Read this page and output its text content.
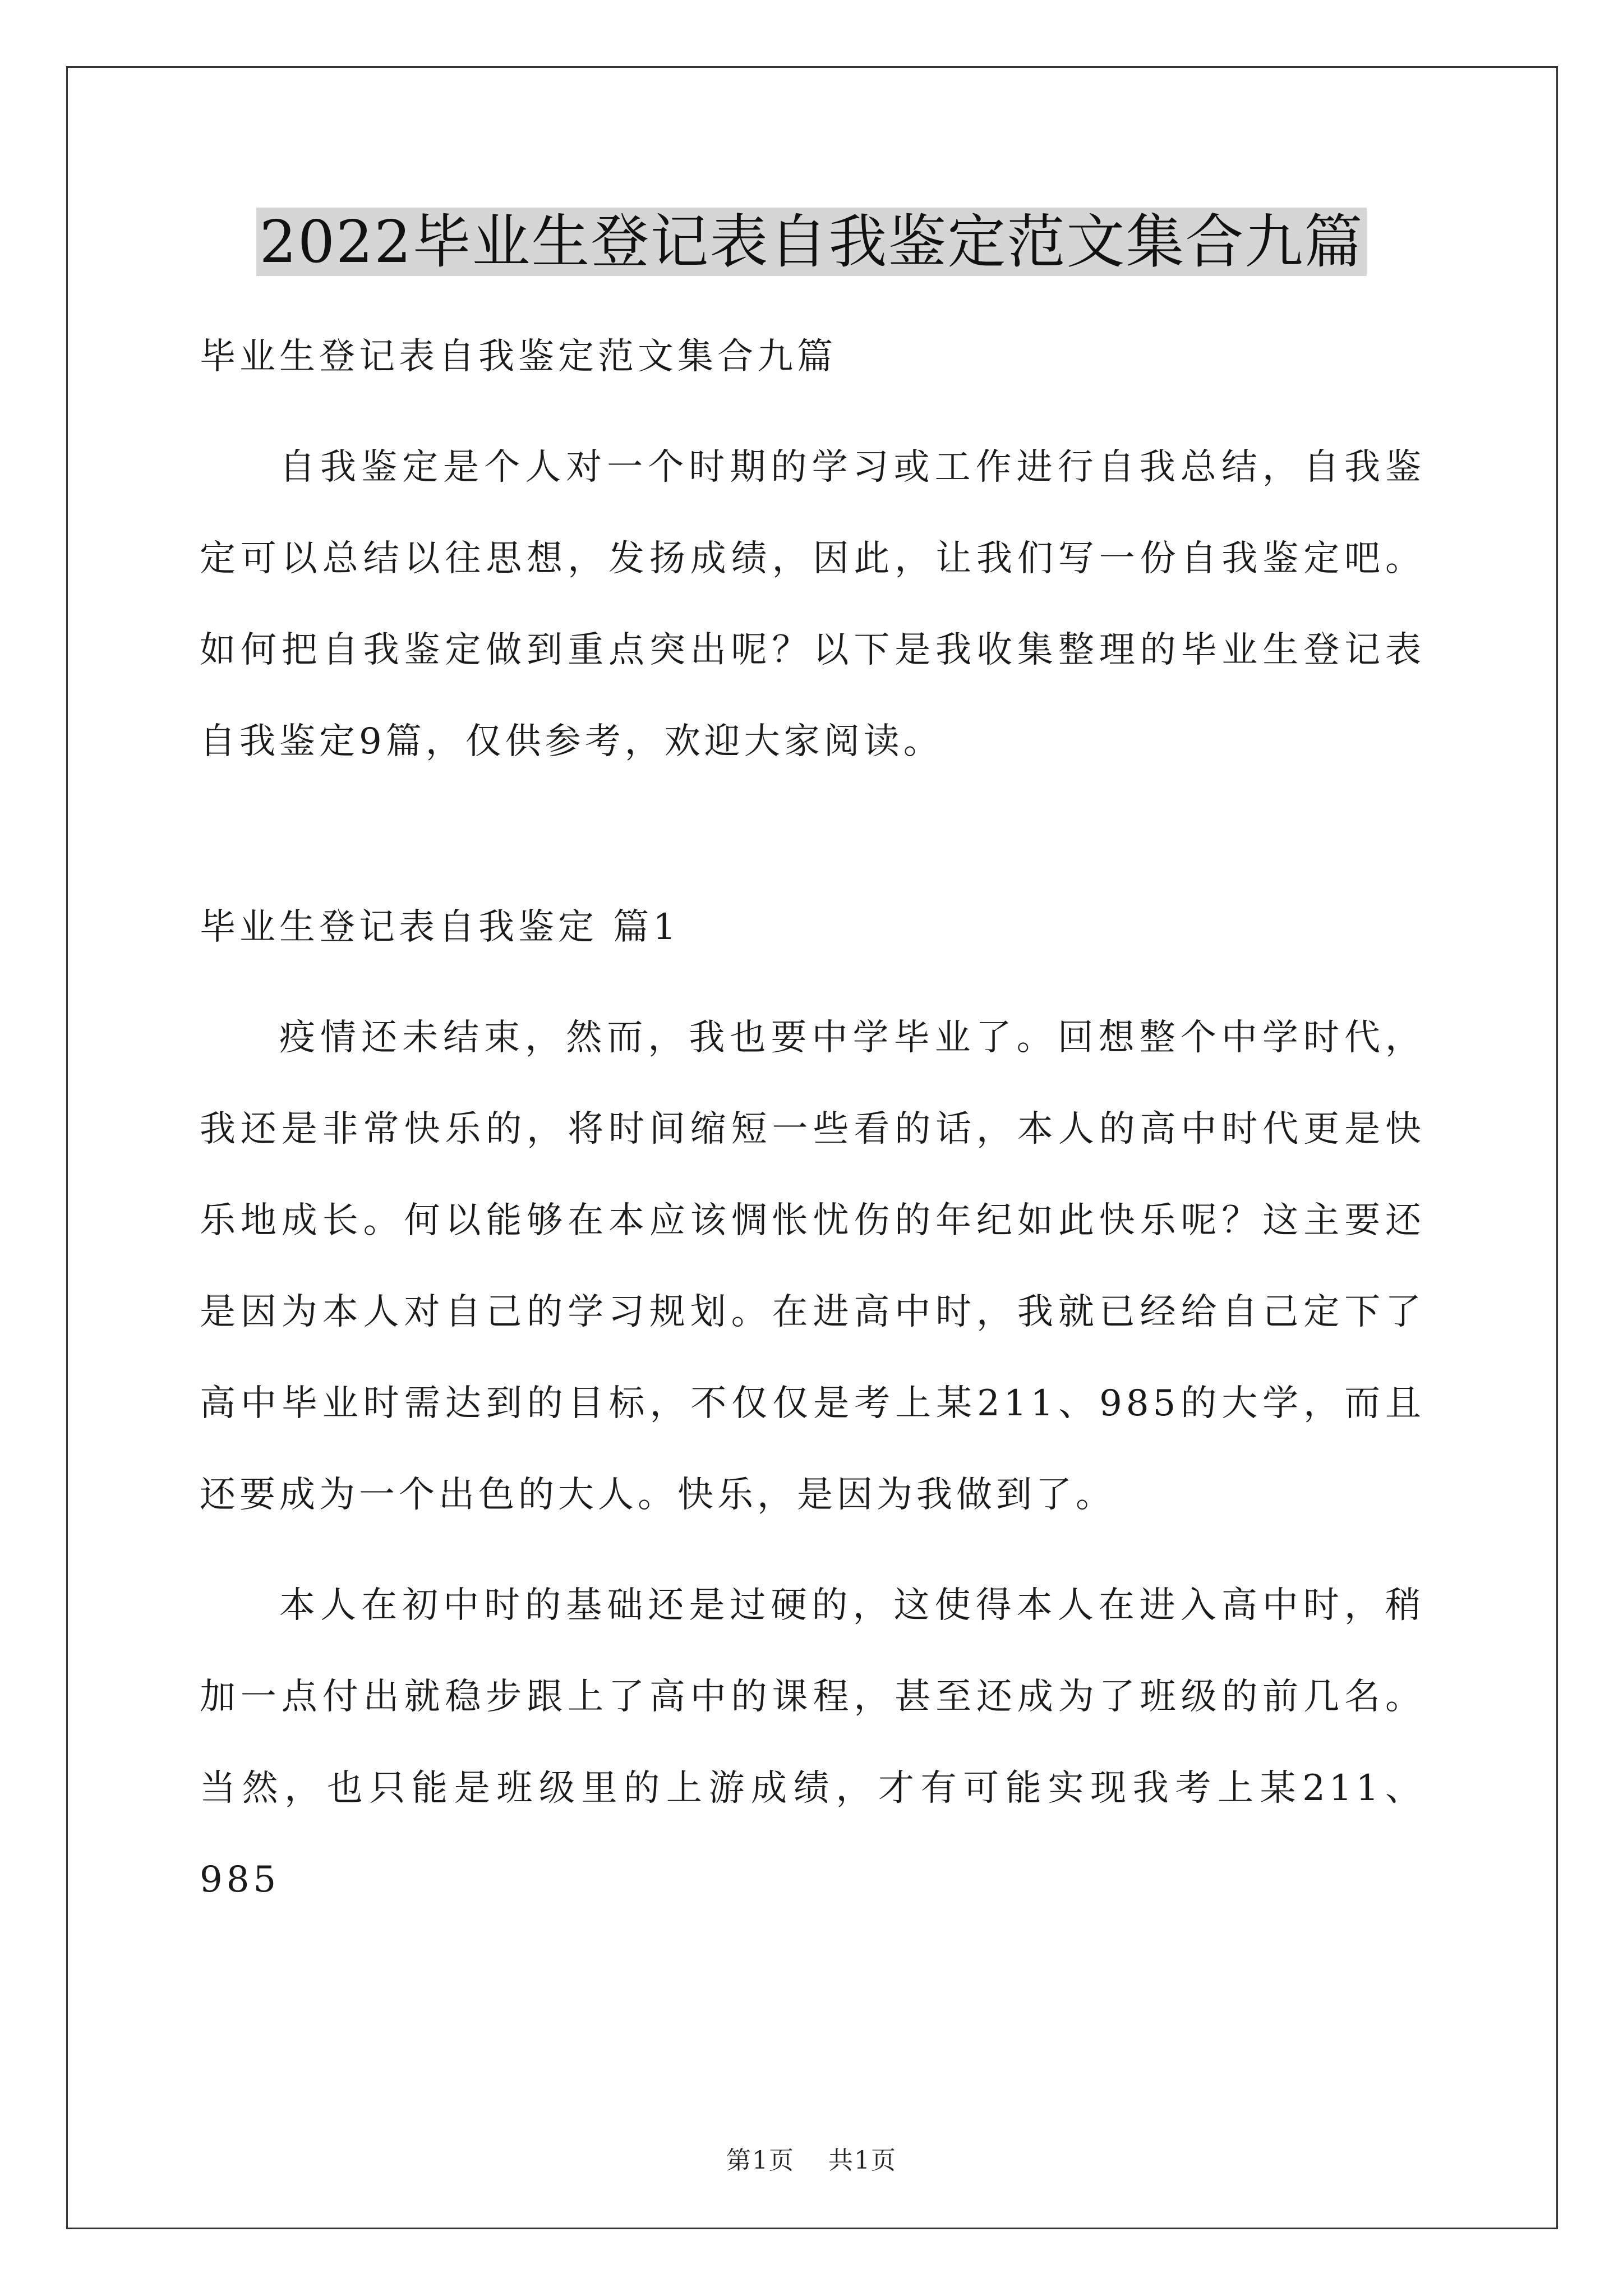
2022毕业生登记表自我鉴定范文集合九篇

毕业生登记表自我鉴定范文集合九篇

自我鉴定是个人对一个时期的学习或工作进行自我总结，自我鉴定可以总结以往思想，发扬成绩，因此，让我们写一份自我鉴定吧。如何把自我鉴定做到重点突出呢？以下是我收集整理的毕业生登记表自我鉴定9篇，仅供参考，欢迎大家阅读。

毕业生登记表自我鉴定 篇1

疫情还未结束，然而，我也要中学毕业了。回想整个中学时代，我还是非常快乐的，将时间缩短一些看的话，本人的高中时代更是快乐地成长。何以能够在本应该惆怅忧伤的年纪如此快乐呢？这主要还是因为本人对自己的学习规划。在进高中时，我就已经给自己定下了高中毕业时需达到的目标，不仅仅是考上某211、985的大学，而且还要成为一个出色的大人。快乐，是因为我做到了。

本人在初中时的基础还是过硬的，这使得本人在进入高中时，稍加一点付出就稳步跟上了高中的课程，甚至还成为了班级的前几名。当然，也只能是班级里的上游成绩，才有可能实现我考上某211、985

第1页 共1页
